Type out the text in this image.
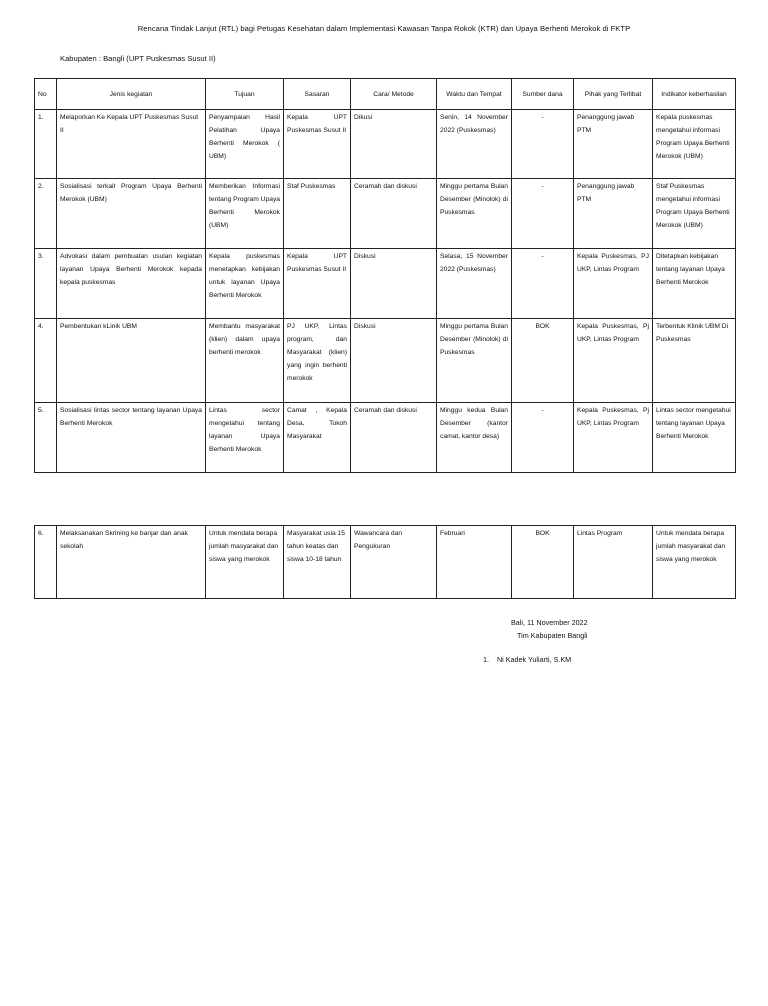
Rencana Tindak Lanjut (RTL) bagi Petugas Kesehatan dalam Implementasi Kawasan Tanpa Rokok (KTR) dan Upaya Berhenti Merokok di FKTP
Kabupaten : Bangli (UPT Puskesmas Susut II)
No	Jenis kegiatan	Tujuan	Sasaran	Cara/ Metode	Waktu dan Tempat	Sumber dana	Pihak yang Terlibat	Indikator keberhasilan
1.	Melaporkan Ke Kepala UPT Puskesmas Susut II	Penyampaian Hasil Pelatihan Upaya Berhenti Merokok ( UBM)	Kepala UPT Puskesmas Susut II	Dikusi	Senin, 14 November 2022 (Puskesmas)	-	Penanggung jawab PTM	Kepala puskesmas mengetahui informasi Program Upaya Berhenti Merokok (UBM)
2.	Sosialisasi terkait Program Upaya Berhenti Merokok (UBM)	Memberikan Informasi tentang Program Upaya Berhenti Merokok (UBM)	Staf Puskesmas	Ceramah dan diskusi	Minggu pertama Bulan Desember (Minolok) di Puskesmas	-	Penanggung jawab PTM	Staf Puskesmas mengetahui informasi Program Upaya Berhenti Merokok (UBM)
3.	Advokasi dalam pembuatan usulan kegiatan layanan Upaya Berhenti Merokok kepada kepala puskesmas	Kepala puskesmas menetapkan kebijakan untuk layanan Upaya Berhenti Merokok	Kepala UPT Puskesmas Susut II	Diskusi	Selasa, 15 November 2022 (Puskesmas)	-	Kepala Puskesmas, PJ UKP, Lintas Program	Ditetapkan kebijakan tentang layanan Upaya Berhenti Merokok
4.	Pembentukan kLinik UBM	Membantu masyarakat (klien) dalam upaya berhenti merokok	PJ UKP, Lintas program, dan Masyarakat (klien) yang ingin berhenti merokok	Diskusi	Minggu pertama Bulan Desember (Minolok) di Puskesmas	BOK	Kepala Puskesmas, Pj UKP, Lintas Program	Terbentuk Klinik UBM Di Puskesmas
5.	Sosialisasi lintas sector tentang layanan Upaya Berhenti Merokok	Lintas sector mengetahui tentang layanan Upaya Berhenti Merokok	Camat , Kepala Desa, Tokoh Masyarakat	Ceramah dan diskusi	Minggu kedua Bulan Desember (kantor camat, kantor desa)	-	Kepala Puskesmas, Pj UKP, Lintas Program	Lintas sector mengetahui tentang layanan Upaya Berhenti Merokok
6.	Melaksanakan Skrining ke banjar dan anak sekolah	Untuk mendata berapa jumlah masyarakat dan siswa yang merokok	Masyarakat usia 15 tahun keatas dan siswa 10-18 tahun	Wawancara dan Pengukuran	Februari	BOK	Lintas Program	Untuk mendata berapa jumlah masyarakat dan siswa yang merokok
Bali, 11 November 2022
Tim Kabupaten Bangli
1.    Ni Kadek Yuliarti, S.KM
